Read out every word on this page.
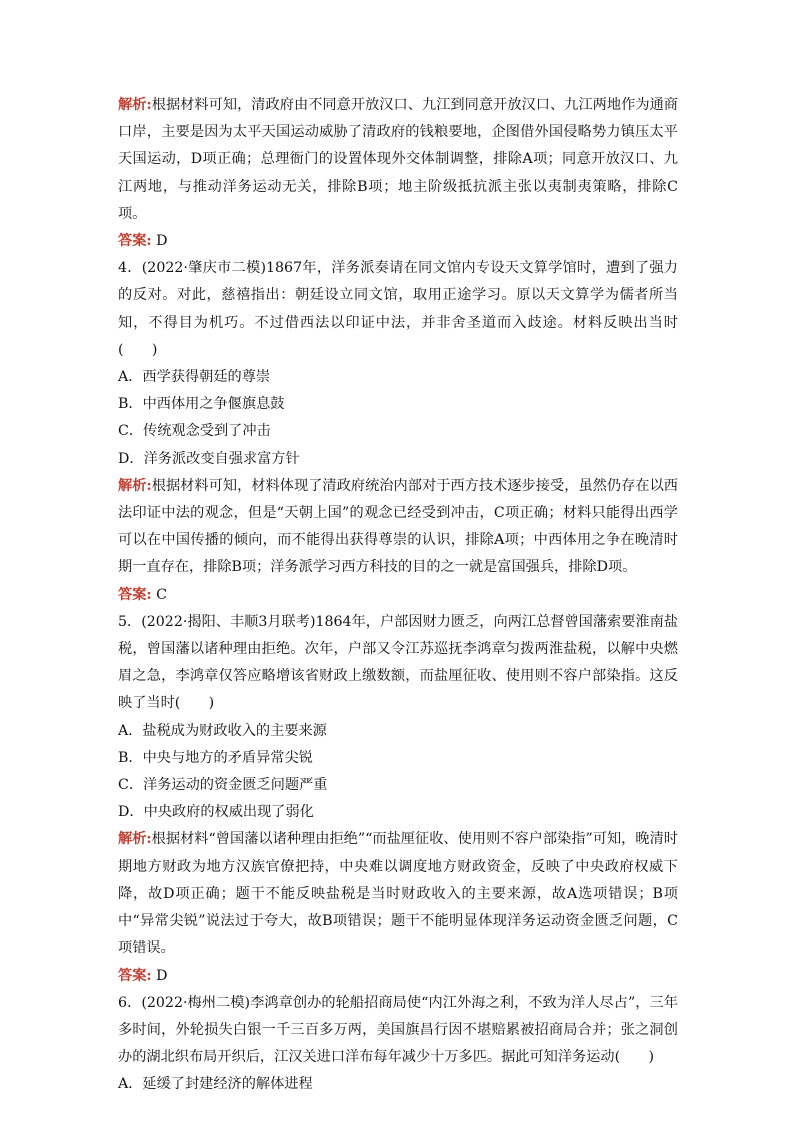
解析:根据材料可知，清政府由不同意开放汉口、九江到同意开放汉口、九江两地作为通商口岸，主要是因为太平天国运动威胁了清政府的钱粮要地，企图借外国侵略势力镇压太平天国运动，D项正确；总理衙门的设置体现外交体制调整，排除A项；同意开放汉口、九江两地，与推动洋务运动无关，排除B项；地主阶级抵抗派主张以夷制夷策略，排除C项。

答案: D

4．(2022·肇庆市二模)1867年，洋务派奏请在同文馆内专设天文算学馆时，遭到了强力的反对。对此，慈禧指出：朝廷设立同文馆，取用正途学习。原以天文算学为儒者所当知，不得目为机巧。不过借西法以印证中法，并非舍圣道而入歧途。材料反映出当时(　　)

A．西学获得朝廷的尊崇

B．中西体用之争偃旗息鼓

C．传统观念受到了冲击

D．洋务派改变自强求富方针

解析:根据材料可知，材料体现了清政府统治内部对于西方技术逐步接受，虽然仍存在以西法印证中法的观念，但是“天朝上国”的观念已经受到冲击，C项正确；材料只能得出西学可以在中国传播的倾向，而不能得出获得尊崇的认识，排除A项；中西体用之争在晚清时期一直存在，排除B项；洋务派学习西方科技的目的之一就是富国强兵，排除D项。

答案: C

5．(2022·揭阳、丰顺3月联考)1864年，户部因财力匮乏，向两江总督曾国藩索要淮南盐税，曾国藩以诸种理由拒绝。次年，户部又令江苏巡抚李鸿章匀拨两淮盐税，以解中央燃眉之急，李鸿章仅答应略增该省财政上缴数额，而盐厘征收、使用则不容户部染指。这反映了当时(　　)

A．盐税成为财政收入的主要来源

B．中央与地方的矛盾异常尖锐

C．洋务运动的资金匮乏问题严重

D．中央政府的权威出现了弱化

解析:根据材料“曾国藩以诸种理由拒绝”“而盐厘征收、使用则不容户部染指”可知，晚清时期地方财政为地方汉族官僚把持，中央难以调度地方财政资金，反映了中央政府权威下降，故D项正确；题干不能反映盐税是当时财政收入的主要来源，故A选项错误；B项中“异常尖锐”说法过于夸大，故B项错误；题干不能明显体现洋务运动资金匮乏问题，C项错误。

答案: D

6．(2022·梅州二模)李鸿章创办的轮船招商局使“内江外海之利，不致为洋人尽占”，三年多时间，外轮损失白银一千三百多万两，美国旗昌行因不堪赔累被招商局合并；张之洞创办的湖北织布局开织后，江汉关进口洋布每年减少十万多匹。据此可知洋务运动(　　)

A．延缓了封建经济的解体进程
